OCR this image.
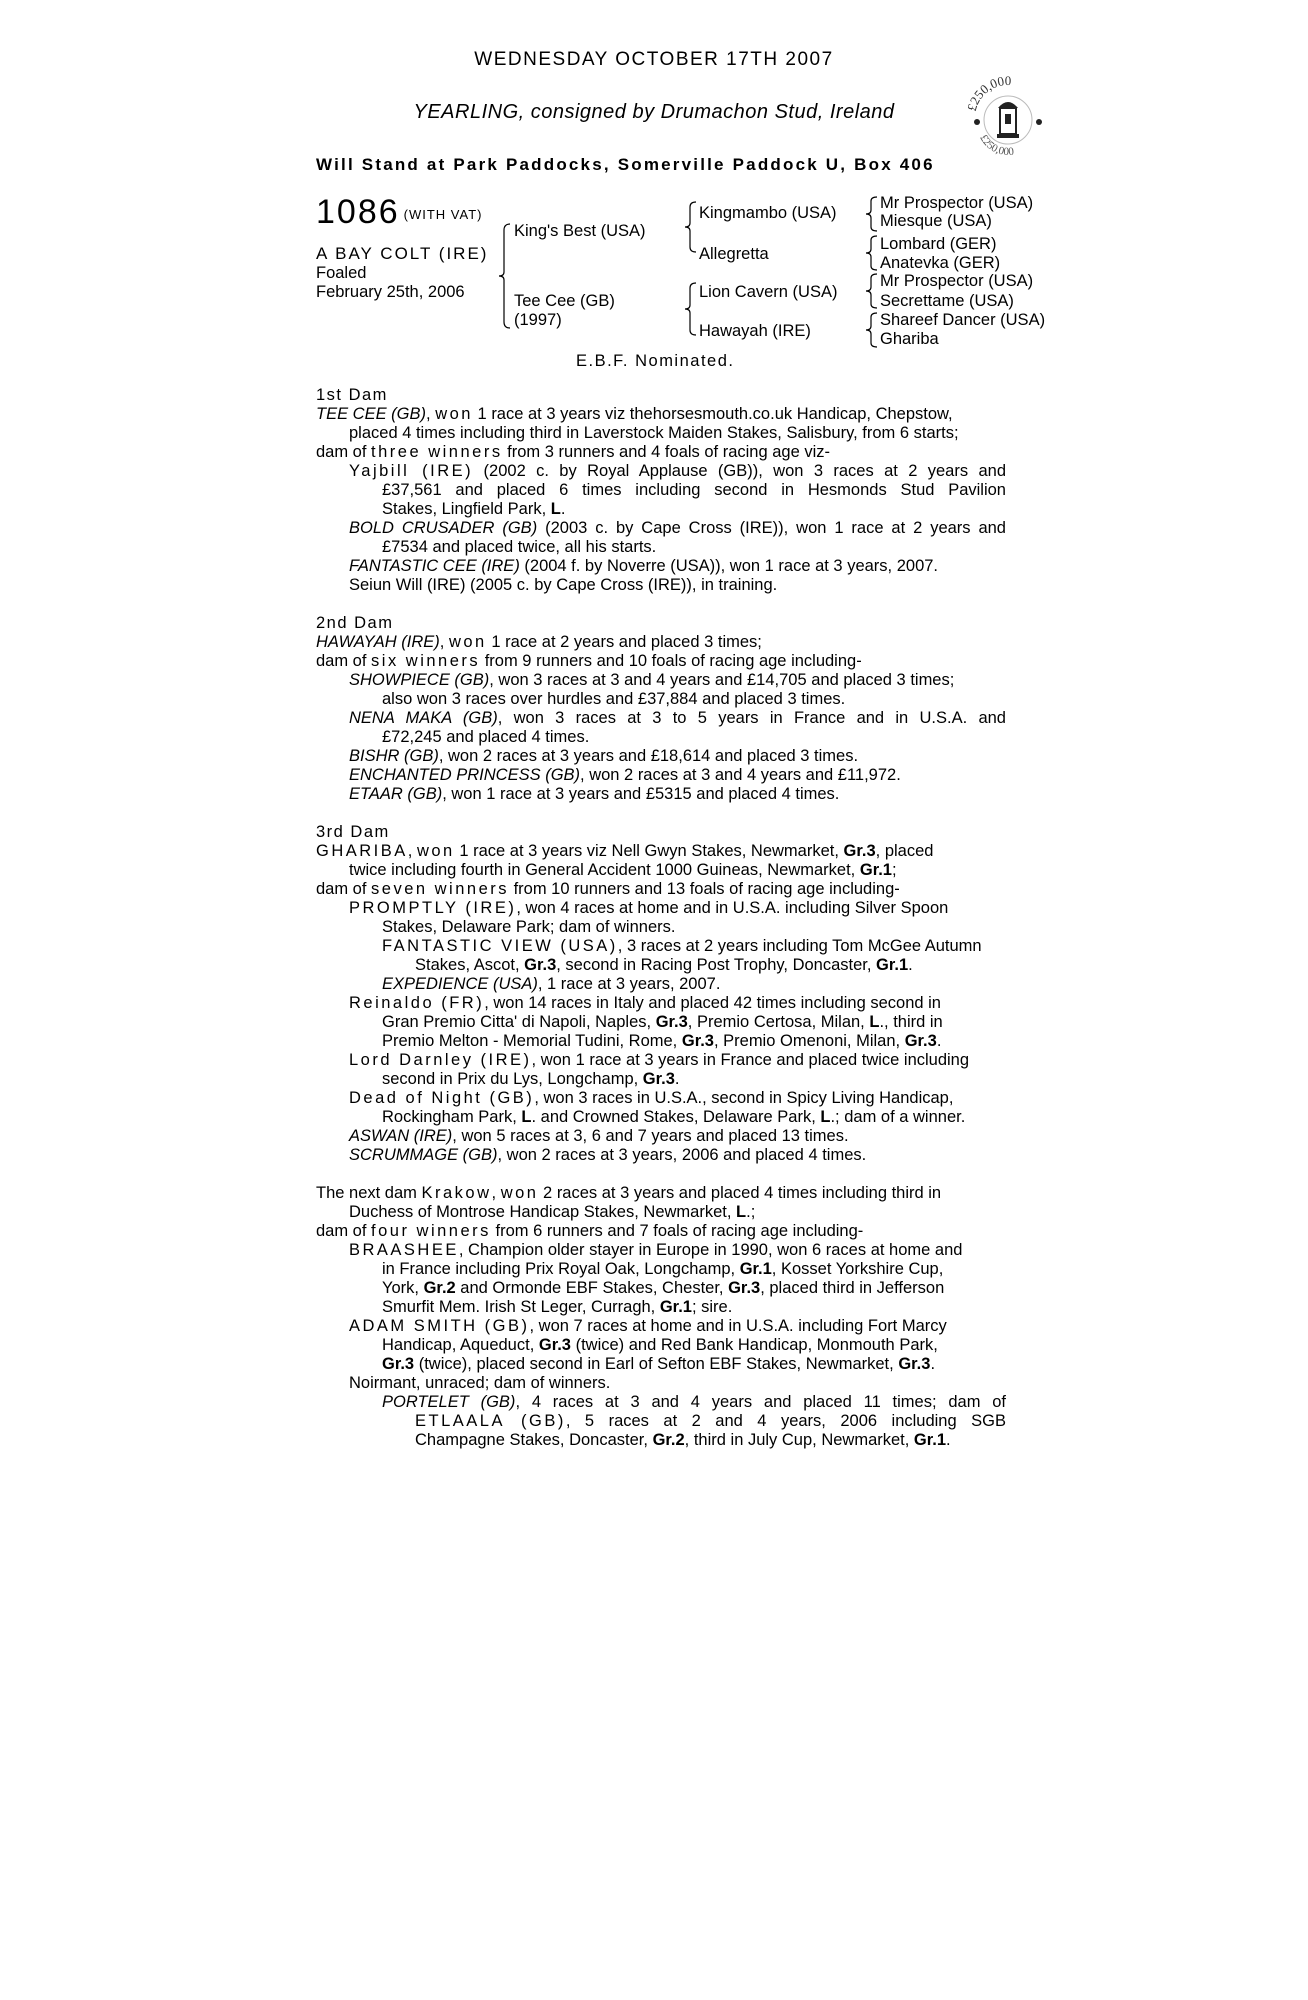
WEDNESDAY OCTOBER 17TH 2007
YEARLING, consigned by Drumachon Stud, Ireland
Will Stand at Park Paddocks, Somerville Paddock U, Box 406
£250,000
£250,000
1086 (WITH VAT)
A BAY COLT (IRE)
Foaled
February 25th, 2006
King's Best (USA)
Tee Cee (GB)
(1997)
Kingmambo (USA)
Allegretta
Lion Cavern (USA)
Hawayah (IRE)
Mr Prospector (USA)
Miesque (USA)
Lombard (GER)
Anatevka (GER)
Mr Prospector (USA)
Secrettame (USA)
Shareef Dancer (USA)
Ghariba
E.B.F. Nominated.
1st Dam
TEE CEE (GB), won 1 race at 3 years viz thehorsesmouth.co.uk Handicap, Chepstow,
placed 4 times including third in Laverstock Maiden Stakes, Salisbury, from 6 starts;
dam of three winners from 3 runners and 4 foals of racing age viz-
Yajbill (IRE) (2002 c. by Royal Applause (GB)), won 3 races at 2 years and
£37,561 and placed 6 times including second in Hesmonds Stud Pavilion
Stakes, Lingfield Park, L.
BOLD CRUSADER (GB) (2003 c. by Cape Cross (IRE)), won 1 race at 2 years and
£7534 and placed twice, all his starts.
FANTASTIC CEE (IRE) (2004 f. by Noverre (USA)), won 1 race at 3 years, 2007.
Seiun Will (IRE) (2005 c. by Cape Cross (IRE)), in training.
2nd Dam
HAWAYAH (IRE), won 1 race at 2 years and placed 3 times;
dam of six winners from 9 runners and 10 foals of racing age including-
SHOWPIECE (GB), won 3 races at 3 and 4 years and £14,705 and placed 3 times;
also won 3 races over hurdles and £37,884 and placed 3 times.
NENA MAKA (GB), won 3 races at 3 to 5 years in France and in U.S.A. and
£72,245 and placed 4 times.
BISHR (GB), won 2 races at 3 years and £18,614 and placed 3 times.
ENCHANTED PRINCESS (GB), won 2 races at 3 and 4 years and £11,972.
ETAAR (GB), won 1 race at 3 years and £5315 and placed 4 times.
3rd Dam
GHARIBA, won 1 race at 3 years viz Nell Gwyn Stakes, Newmarket, Gr.3, placed
twice including fourth in General Accident 1000 Guineas, Newmarket, Gr.1;
dam of seven winners from 10 runners and 13 foals of racing age including-
PROMPTLY (IRE), won 4 races at home and in U.S.A. including Silver Spoon
Stakes, Delaware Park; dam of winners.
FANTASTIC VIEW (USA), 3 races at 2 years including Tom McGee Autumn
Stakes, Ascot, Gr.3, second in Racing Post Trophy, Doncaster, Gr.1.
EXPEDIENCE (USA), 1 race at 3 years, 2007.
Reinaldo (FR), won 14 races in Italy and placed 42 times including second in
Gran Premio Citta' di Napoli, Naples, Gr.3, Premio Certosa, Milan, L., third in
Premio Melton - Memorial Tudini, Rome, Gr.3, Premio Omenoni, Milan, Gr.3.
Lord Darnley (IRE), won 1 race at 3 years in France and placed twice including
second in Prix du Lys, Longchamp, Gr.3.
Dead of Night (GB), won 3 races in U.S.A., second in Spicy Living Handicap,
Rockingham Park, L. and Crowned Stakes, Delaware Park, L.; dam of a winner.
ASWAN (IRE), won 5 races at 3, 6 and 7 years and placed 13 times.
SCRUMMAGE (GB), won 2 races at 3 years, 2006 and placed 4 times.
The next dam Krakow, won 2 races at 3 years and placed 4 times including third in
Duchess of Montrose Handicap Stakes, Newmarket, L.;
dam of four winners from 6 runners and 7 foals of racing age including-
BRAASHEE, Champion older stayer in Europe in 1990, won 6 races at home and
in France including Prix Royal Oak, Longchamp, Gr.1, Kosset Yorkshire Cup,
York, Gr.2 and Ormonde EBF Stakes, Chester, Gr.3, placed third in Jefferson
Smurfit Mem. Irish St Leger, Curragh, Gr.1; sire.
ADAM SMITH (GB), won 7 races at home and in U.S.A. including Fort Marcy
Handicap, Aqueduct, Gr.3 (twice) and Red Bank Handicap, Monmouth Park,
Gr.3 (twice), placed second in Earl of Sefton EBF Stakes, Newmarket, Gr.3.
Noirmant, unraced; dam of winners.
PORTELET (GB), 4 races at 3 and 4 years and placed 11 times; dam of
ETLAALA (GB), 5 races at 2 and 4 years, 2006 including SGB
Champagne Stakes, Doncaster, Gr.2, third in July Cup, Newmarket, Gr.1.
